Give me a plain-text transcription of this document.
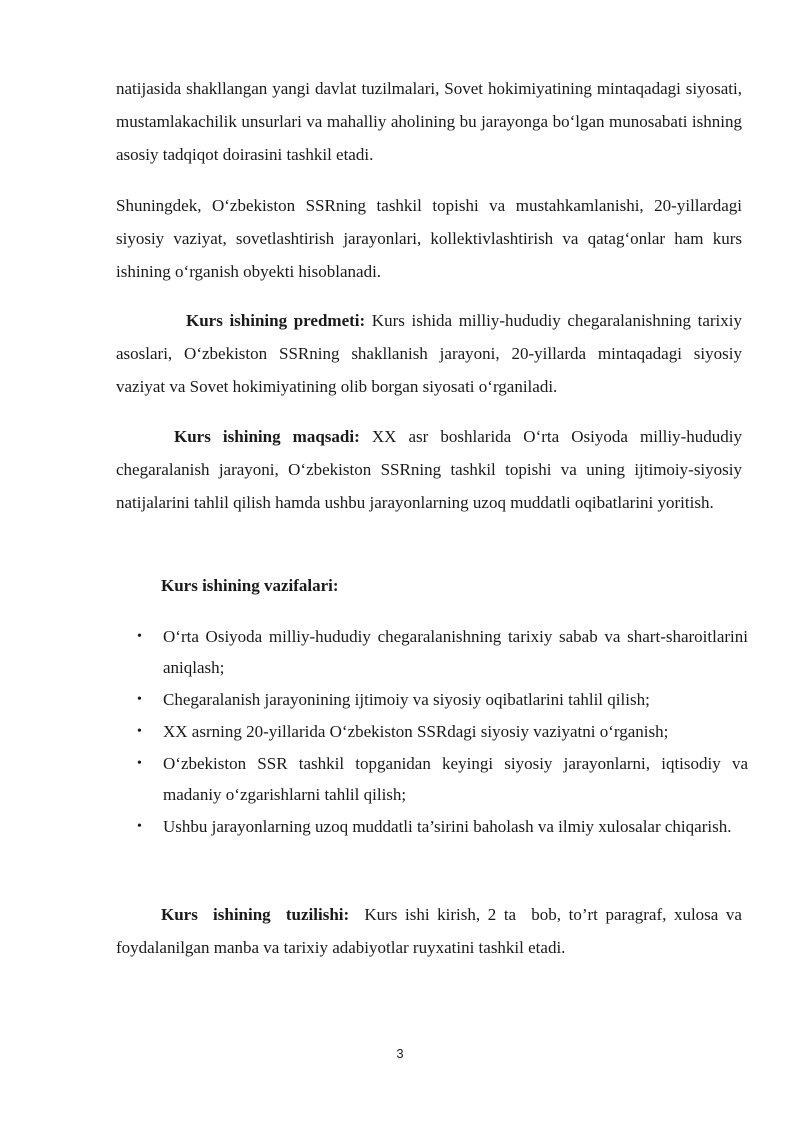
natijasida shakllangan yangi davlat tuzilmalari, Sovet hokimiyatining mintaqadagi siyosati, mustamlakachilik unsurlari va mahalliy aholining bu jarayonga bo‘lgan munosabati ishning asosiy tadqiqot doirasini tashkil etadi.

Shuningdek, O‘zbekiston SSRning tashkil topishi va mustahkamlanishi, 20-yillardagi siyosiy vaziyat, sovetlashtirish jarayonlari, kollektivlashtirish va qatag‘onlar ham kurs ishining o‘rganish obyekti hisoblanadi.

Kurs ishining predmeti: Kurs ishida milliy-hududiy chegaralanishning tarixiy asoslari, O‘zbekiston SSRning shakllanish jarayoni, 20-yillarda mintaqadagi siyosiy vaziyat va Sovet hokimiyatining olib borgan siyosati o‘rganiladi.

Kurs ishining maqsadi: XX asr boshlarida O‘rta Osiyoda milliy-hududiy chegaralanish jarayoni, O‘zbekiston SSRning tashkil topishi va uning ijtimoiy-siyosiy natijalarini tahlil qilish hamda ushbu jarayonlarning uzoq muddatli oqibatlarini yoritish.

Kurs ishining vazifalari:

• O‘rta Osiyoda milliy-hududiy chegaralanishning tarixiy sabab va shart-sharoitlarini aniqlash;
• Chegaralanish jarayonining ijtimoiy va siyosiy oqibatlarini tahlil qilish;
• XX asrning 20-yillarida O‘zbekiston SSRdagi siyosiy vaziyatni o‘rganish;
• O‘zbekiston SSR tashkil topganidan keyingi siyosiy jarayonlarni, iqtisodiy va madaniy o‘zgarishlarni tahlil qilish;
• Ushbu jarayonlarning uzoq muddatli ta’sirini baholash va ilmiy xulosalar chiqarish.

Kurs  ishining  tuzilishi:  Kurs ishi kirish, 2 ta  bob, to’rt paragraf, xulosa va foydalanilgan manba va tarixiy adabiyotlar ruyxatini tashkil etadi.

3
